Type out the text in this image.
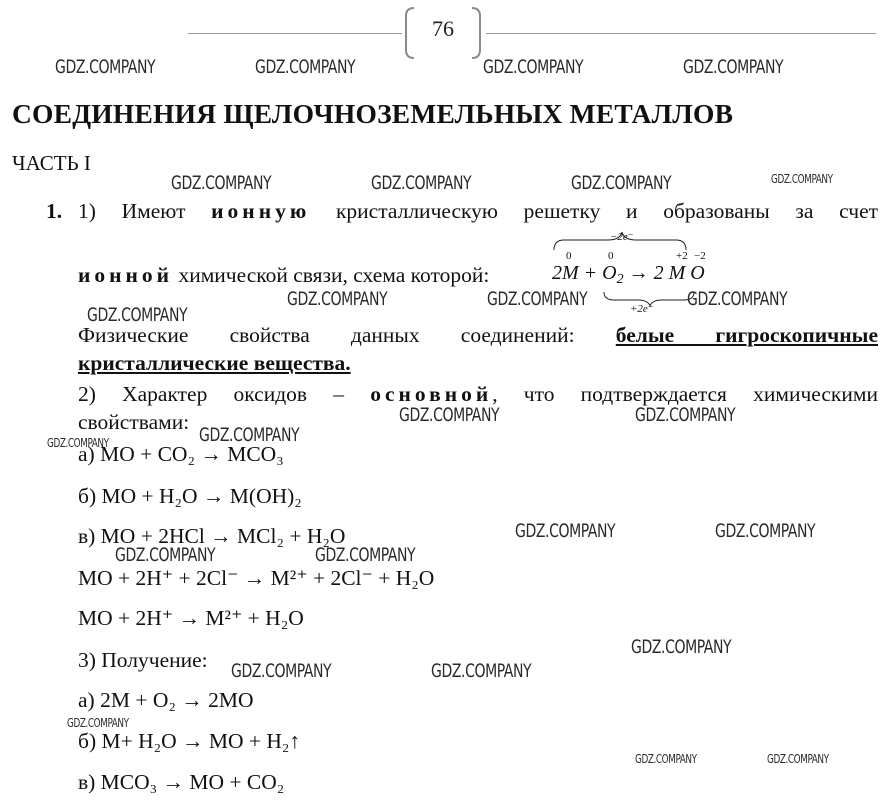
76
GDZ.COMPANY	GDZ.COMPANY	GDZ.COMPANY	GDZ.COMPANY
GDZ.COMPANY	GDZ.COMPANY	GDZ.COMPANY	GDZ.COMPANY
GDZ.COMPANY	GDZ.COMPANY	GDZ.COMPANY
GDZ.COMPANY
GDZ.COMPANY	GDZ.COMPANY
GDZ.COMPANY	GDZ.COMPANY
GDZ.COMPANY	GDZ.COMPANY
GDZ.COMPANY	GDZ.COMPANY
GDZ.COMPANY
GDZ.COMPANY	GDZ.COMPANY
GDZ.COMPANY
GDZ.COMPANY	GDZ.COMPANY
СОЕДИНЕНИЯ ЩЕЛОЧНОЗЕМЕЛЬНЫХ МЕТАЛЛОВ
ЧАСТЬ I
1. 1) Имеют ионную кристаллическую решетку и образованы за счет
ионной химической связи, схема которой:
−2e⁻
0	0	+2 −2
$2M + O_2 \to 2$ M O
+2e⁻
Физические свойства данных соединений: белые гигроскопичные
кристаллические вещества.
2) Характер оксидов – основной, что подтверждается химическими
свойствами:
а) MO + CO₂ → MCO₃
б) MO + H₂O → M(OH)₂
в) MO + 2HCl → MCl₂ + H₂O
MO + 2H⁺ + 2Cl⁻ → M²⁺ + 2Cl⁻ + H₂O
MO + 2H⁺ → M²⁺ + H₂O
3) Получение:
а) 2M + O₂ → 2MO
б) M+ H₂O → MO + H₂↑
в) MCO₃ → MO + CO₂
